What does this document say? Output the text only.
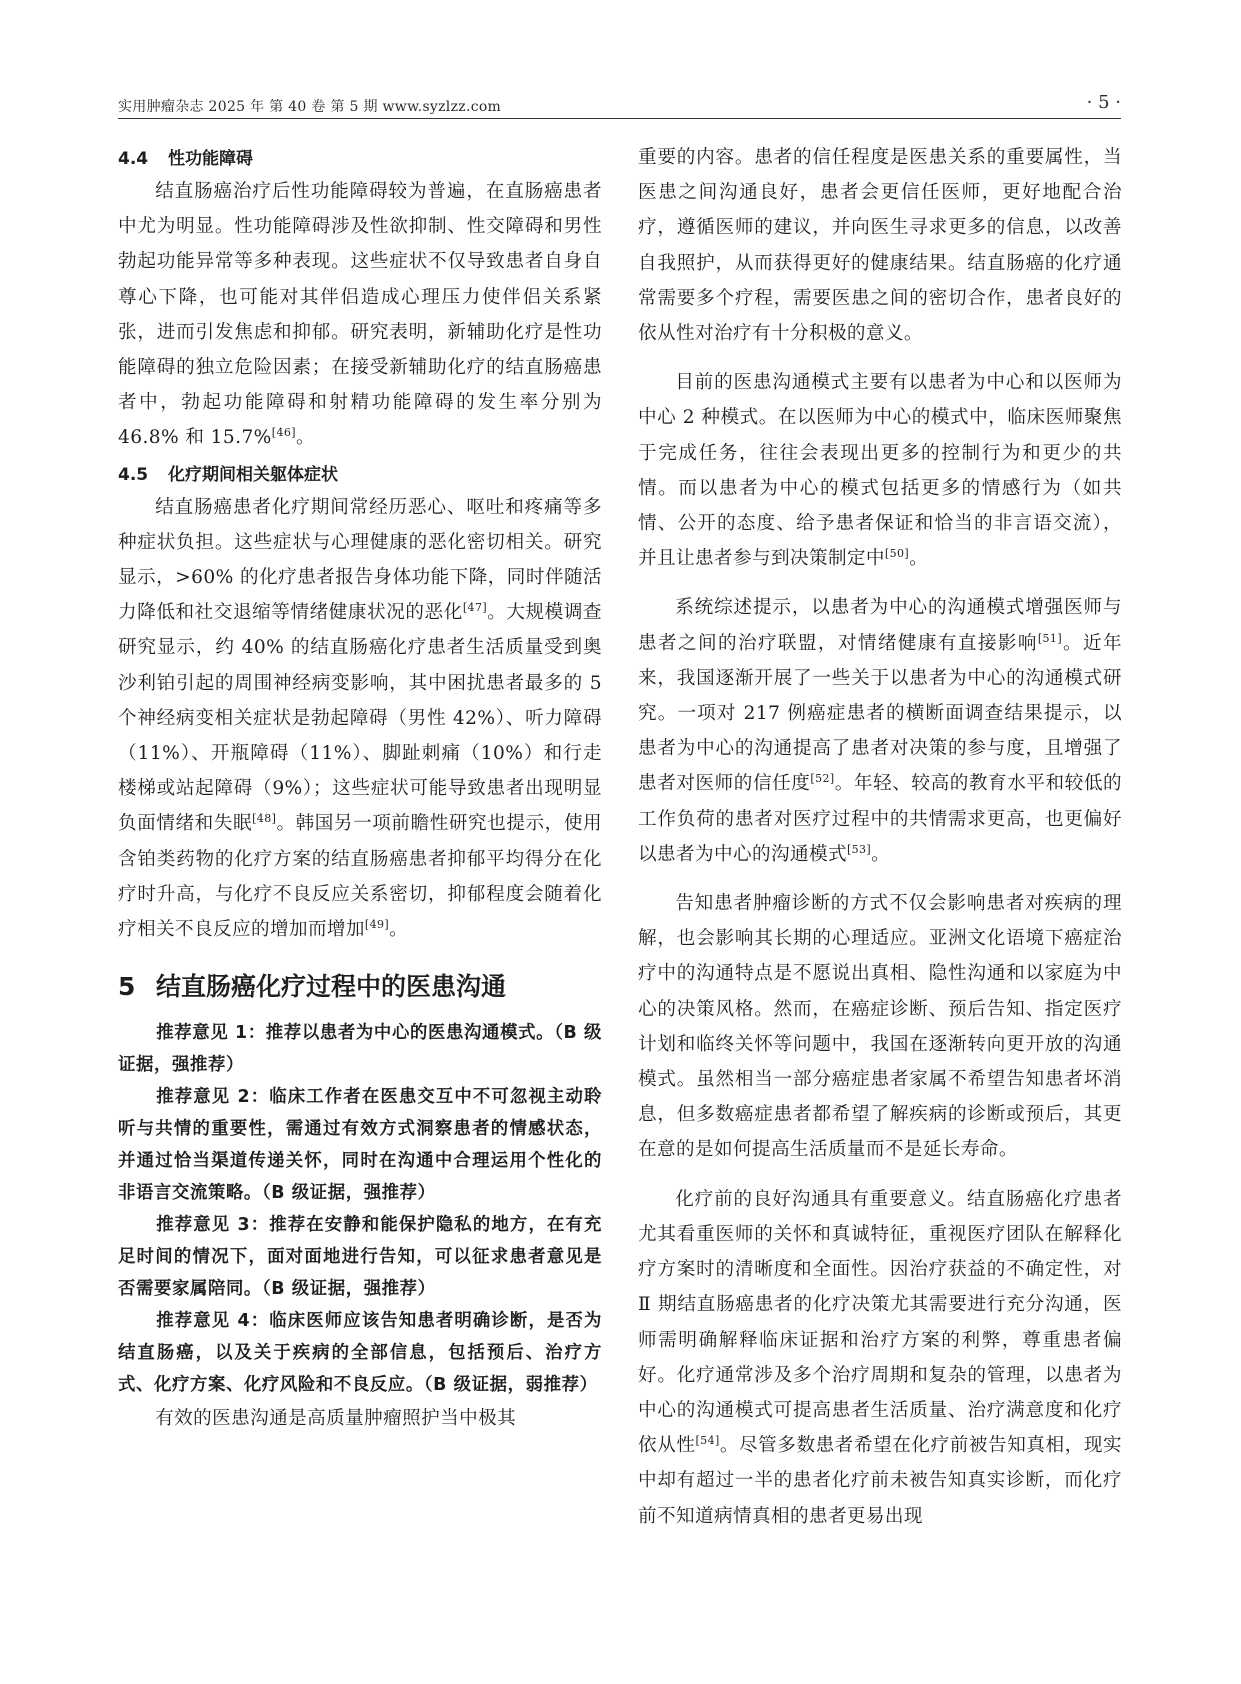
实用肿瘤杂志 2025 年 第 40 卷 第 5 期 www.syzlzz.com	· 5 ·
4.4 性功能障碍

结直肠癌治疗后性功能障碍较为普遍，在直肠癌患者中尤为明显。性功能障碍涉及性欲抑制、性交障碍和男性勃起功能异常等多种表现。这些症状不仅导致患者自身自尊心下降，也可能对其伴侣造成心理压力使伴侣关系紧张，进而引发焦虑和抑郁。研究表明，新辅助化疗是性功能障碍的独立危险因素；在接受新辅助化疗的结直肠癌患者中，勃起功能障碍和射精功能障碍的发生率分别为 46.8% 和 15.7%[46]。

4.5 化疗期间相关躯体症状

结直肠癌患者化疗期间常经历恶心、呕吐和疼痛等多种症状负担。这些症状与心理健康的恶化密切相关。研究显示，>60% 的化疗患者报告身体功能下降，同时伴随活力降低和社交退缩等情绪健康状况的恶化[47]。大规模调查研究显示，约 40% 的结直肠癌化疗患者生活质量受到奥沙利铂引起的周围神经病变影响，其中困扰患者最多的 5 个神经病变相关症状是勃起障碍（男性 42%）、听力障碍（11%）、开瓶障碍（11%）、脚趾刺痛（10%）和行走楼梯或站起障碍（9%）；这些症状可能导致患者出现明显负面情绪和失眠[48]。韩国另一项前瞻性研究也提示，使用含铂类药物的化疗方案的结直肠癌患者抑郁平均得分在化疗时升高，与化疗不良反应关系密切，抑郁程度会随着化疗相关不良反应的增加而增加[49]。

5 结直肠癌化疗过程中的医患沟通

推荐意见 1：推荐以患者为中心的医患沟通模式。（B 级证据，强推荐）

推荐意见 2：临床工作者在医患交互中不可忽视主动聆听与共情的重要性，需通过有效方式洞察患者的情感状态，并通过恰当渠道传递关怀，同时在沟通中合理运用个性化的非语言交流策略。（B 级证据，强推荐）

推荐意见 3：推荐在安静和能保护隐私的地方，在有充足时间的情况下，面对面地进行告知，可以征求患者意见是否需要家属陪同。（B 级证据，强推荐）

推荐意见 4：临床医师应该告知患者明确诊断，是否为结直肠癌，以及关于疾病的全部信息，包括预后、治疗方式、化疗方案、化疗风险和不良反应。（B 级证据，弱推荐）

有效的医患沟通是高质量肿瘤照护当中极其

重要的内容。患者的信任程度是医患关系的重要属性，当医患之间沟通良好，患者会更信任医师，更好地配合治疗，遵循医师的建议，并向医生寻求更多的信息，以改善自我照护，从而获得更好的健康结果。结直肠癌的化疗通常需要多个疗程，需要医患之间的密切合作，患者良好的依从性对治疗有十分积极的意义。

目前的医患沟通模式主要有以患者为中心和以医师为中心 2 种模式。在以医师为中心的模式中，临床医师聚焦于完成任务，往往会表现出更多的控制行为和更少的共情。而以患者为中心的模式包括更多的情感行为（如共情、公开的态度、给予患者保证和恰当的非言语交流），并且让患者参与到决策制定中[50]。

系统综述提示，以患者为中心的沟通模式增强医师与患者之间的治疗联盟，对情绪健康有直接影响[51]。近年来，我国逐渐开展了一些关于以患者为中心的沟通模式研究。一项对 217 例癌症患者的横断面调查结果提示，以患者为中心的沟通提高了患者对决策的参与度，且增强了患者对医师的信任度[52]。年轻、较高的教育水平和较低的工作负荷的患者对医疗过程中的共情需求更高，也更偏好以患者为中心的沟通模式[53]。

告知患者肿瘤诊断的方式不仅会影响患者对疾病的理解，也会影响其长期的心理适应。亚洲文化语境下癌症治疗中的沟通特点是不愿说出真相、隐性沟通和以家庭为中心的决策风格。然而，在癌症诊断、预后告知、指定医疗计划和临终关怀等问题中，我国在逐渐转向更开放的沟通模式。虽然相当一部分癌症患者家属不希望告知患者坏消息，但多数癌症患者都希望了解疾病的诊断或预后，其更在意的是如何提高生活质量而不是延长寿命。

化疗前的良好沟通具有重要意义。结直肠癌化疗患者尤其看重医师的关怀和真诚特征，重视医疗团队在解释化疗方案时的清晰度和全面性。因治疗获益的不确定性，对 Ⅱ 期结直肠癌患者的化疗决策尤其需要进行充分沟通，医师需明确解释临床证据和治疗方案的利弊，尊重患者偏好。化疗通常涉及多个治疗周期和复杂的管理，以患者为中心的沟通模式可提高患者生活质量、治疗满意度和化疗依从性[54]。尽管多数患者希望在化疗前被告知真相，现实中却有超过一半的患者化疗前未被告知真实诊断，而化疗前不知道病情真相的患者更易出现
